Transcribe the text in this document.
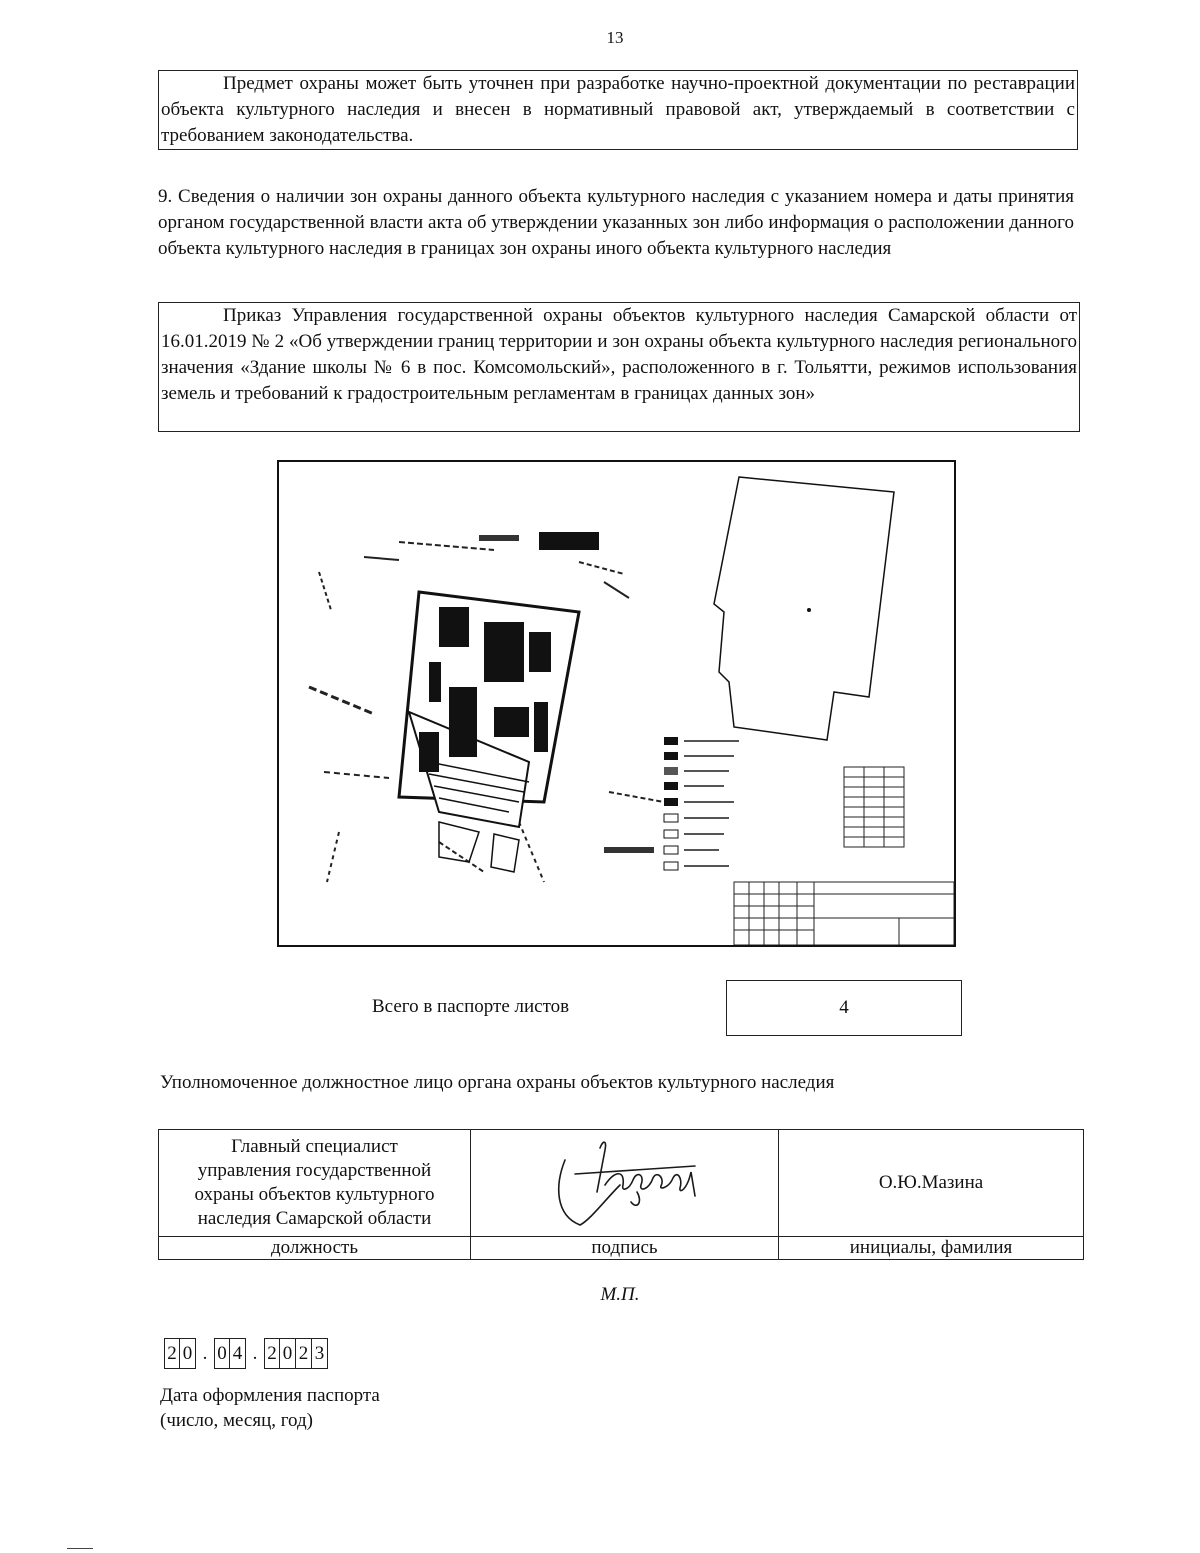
13
Предмет охраны может быть уточнен при разработке научно-проектной документации по реставрации объекта культурного наследия и внесен в нормативный правовой акт, утверждаемый в соответствии с требованием законодательства.
9. Сведения о наличии зон охраны данного объекта культурного наследия с указанием номера и даты принятия органом государственной власти акта об утверждении указанных зон либо информация о расположении данного объекта культурного наследия в границах зон охраны иного объекта культурного наследия
Приказ Управления государственной охраны объектов культурного наследия Самарской области от 16.01.2019 № 2 «Об утверждении границ территории и зон охраны объекта культурного наследия регионального значения «Здание школы № 6 в пос. Комсомольский», расположенного в г. Тольятти, режимов использования земель и требований к градостроительным регламентам в границах данных зон»
Всего в паспорте листов	4
Уполномоченное должностное лицо органа охраны объектов культурного наследия
Главный специалист
управления государственной
охраны объектов культурного
наследия Самарской области		О.Ю.Мазина
должность	подпись	инициалы, фамилия
М.П.
2 0 . 0 4 . 2 0 2 3
Дата оформления паспорта
(число, месяц, год)
